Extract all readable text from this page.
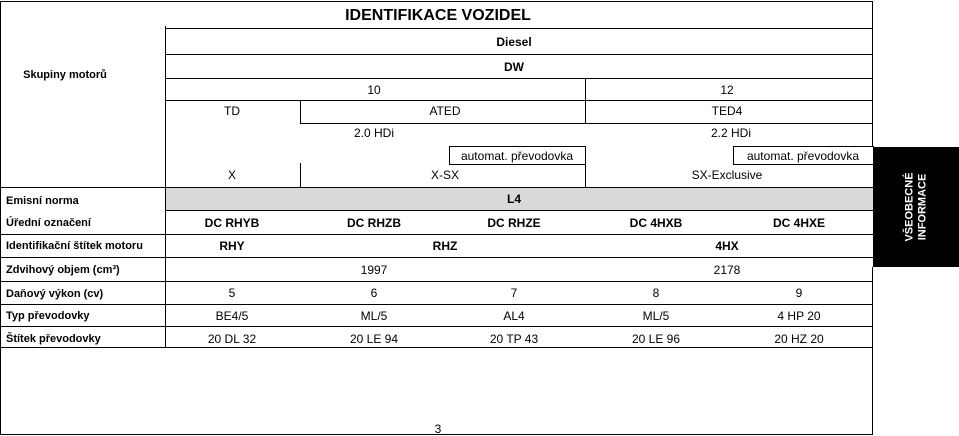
IDENTIFIKACE VOZIDEL
Skupiny motorů
Diesel
DW
10	12
TD	ATED	TED4
2.0 HDi	2.2 HDi
automat. převodovka	automat. převodovka
X	X-SX	SX-Exclusive
Emisní norma	L4
Úřední označení	DC RHYB	DC RHZB	DC RHZE	DC 4HXB	DC 4HXE
Identifikační štítek motoru	RHY	RHZ	4HX
Zdvihový objem (cm³)	1997	2178
Daňový výkon (cv)	5	6	7	8	9
Typ převodovky	BE4/5	ML/5	AL4	ML/5	4 HP 20
Štítek převodovky	20 DL 32	20 LE 94	20 TP 43	20 LE 96	20 HZ 20
3
VŠEOBECNÉ INFORMACE
